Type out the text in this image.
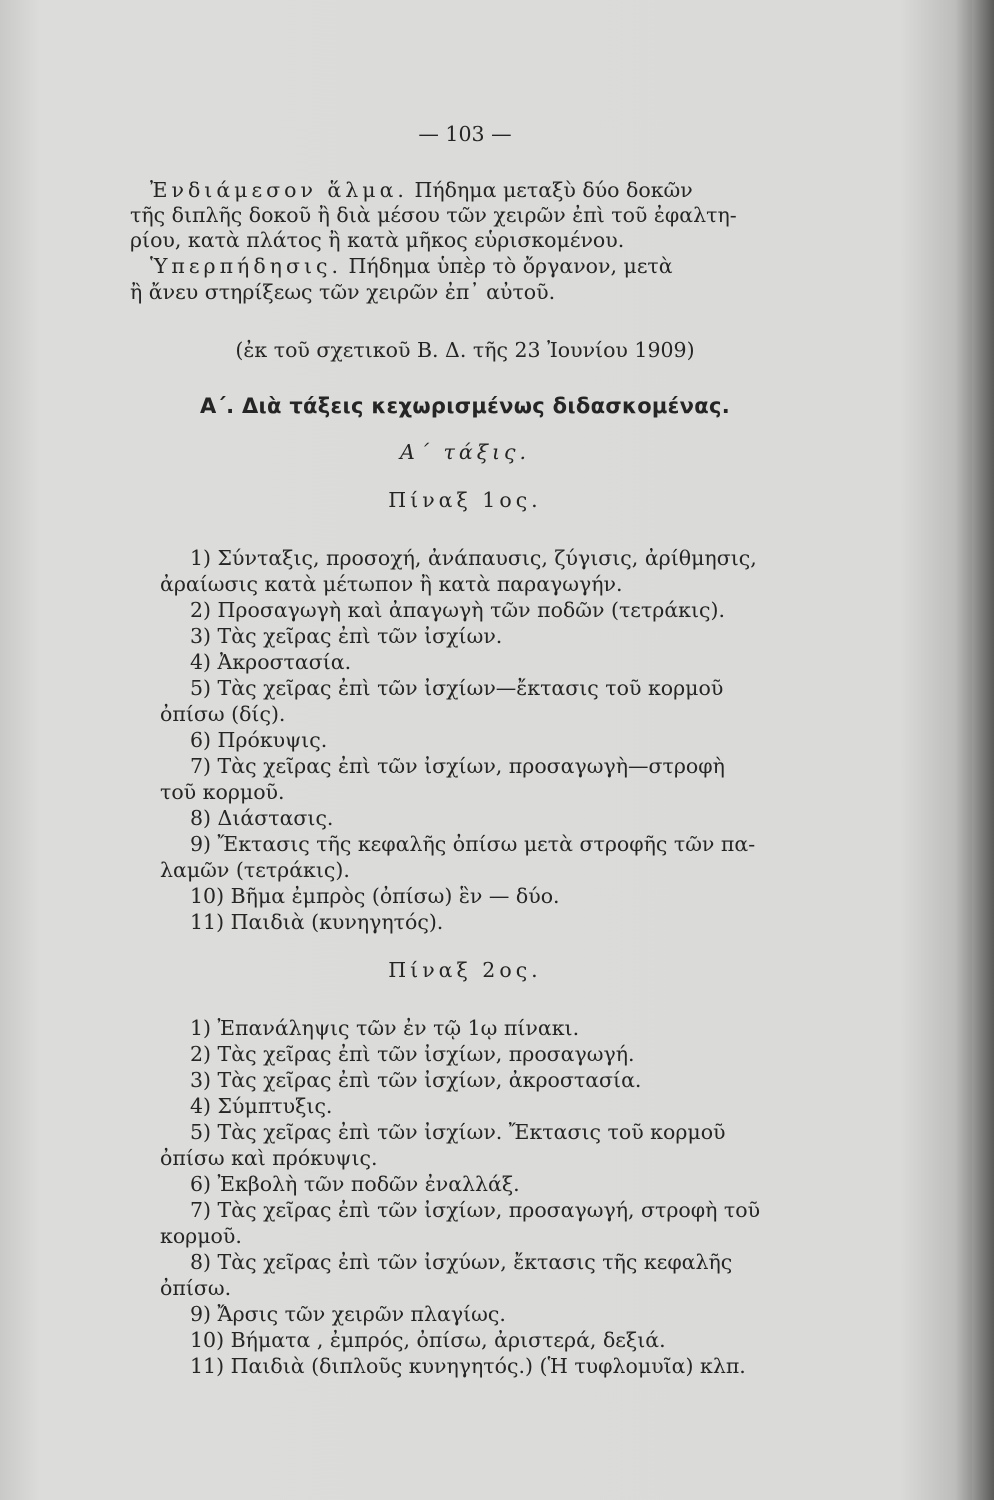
— 103 —
Ἐνδιάμεσον ἅλμα. Πήδημα μεταξὺ δύο δοκῶν
τῆς διπλῆς δοκοῦ ἢ διὰ μέσου τῶν χειρῶν ἐπὶ τοῦ ἐφαλτη-
ρίου, κατὰ πλάτος ἢ κατὰ μῆκος εὑρισκομένου.
Ὑπερπήδησις. Πήδημα ὑπὲρ τὸ ὄργανον, μετὰ
ἢ ἄνευ στηρίξεως τῶν χειρῶν ἐπ᾽ αὐτοῦ.
(ἐκ τοῦ σχετικοῦ Β. Δ. τῆς 23 Ἰουνίου 1909)
Α΄. Διὰ τάξεις κεχωρισμένως διδασκομένας.
Α΄ τάξις.
Πίναξ 1ος.
1) Σύνταξις, προσοχή, ἀνάπαυσις, ζύγισις, ἀρίθμησις,
ἀραίωσις κατὰ μέτωπον ἢ κατὰ παραγωγήν.
2) Προσαγωγὴ καὶ ἀπαγωγὴ τῶν ποδῶν (τετράκις).
3) Τὰς χεῖρας ἐπὶ τῶν ἰσχίων.
4) Ἀκροστασία.
5) Τὰς χεῖρας ἐπὶ τῶν ἰσχίων—ἔκτασις τοῦ κορμοῦ
ὀπίσω (δίς).
6) Πρόκυψις.
7) Τὰς χεῖρας ἐπὶ τῶν ἰσχίων, προσαγωγὴ—στροφὴ
τοῦ κορμοῦ.
8) Διάστασις.
9) Ἔκτασις τῆς κεφαλῆς ὀπίσω μετὰ στροφῆς τῶν πα-
λαμῶν (τετράκις).
10) Βῆμα ἐμπρὸς (ὀπίσω) ἓν — δύο.
11) Παιδιὰ (κυνηγητός).
Πίναξ 2ος.
1) Ἐπανάληψις τῶν ἐν τῷ 1ῳ πίνακι.
2) Τὰς χεῖρας ἐπὶ τῶν ἰσχίων, προσαγωγή.
3) Τὰς χεῖρας ἐπὶ τῶν ἰσχίων, ἀκροστασία.
4) Σύμπτυξις.
5) Τὰς χεῖρας ἐπὶ τῶν ἰσχίων. Ἔκτασις τοῦ κορμοῦ
ὀπίσω καὶ πρόκυψις.
6) Ἐκβολὴ τῶν ποδῶν ἐναλλάξ.
7) Τὰς χεῖρας ἐπὶ τῶν ἰσχίων, προσαγωγή, στροφὴ τοῦ
κορμοῦ.
8) Τὰς χεῖρας ἐπὶ τῶν ἰσχύων, ἔκτασις τῆς κεφαλῆς
ὀπίσω.
9) Ἄρσις τῶν χειρῶν πλαγίως.
10) Βήματα , ἐμπρός, ὀπίσω, ἀριστερά, δεξιά.
11) Παιδιὰ (διπλοῦς κυνηγητός.) (Ἡ τυφλομυῖα) κλπ.
